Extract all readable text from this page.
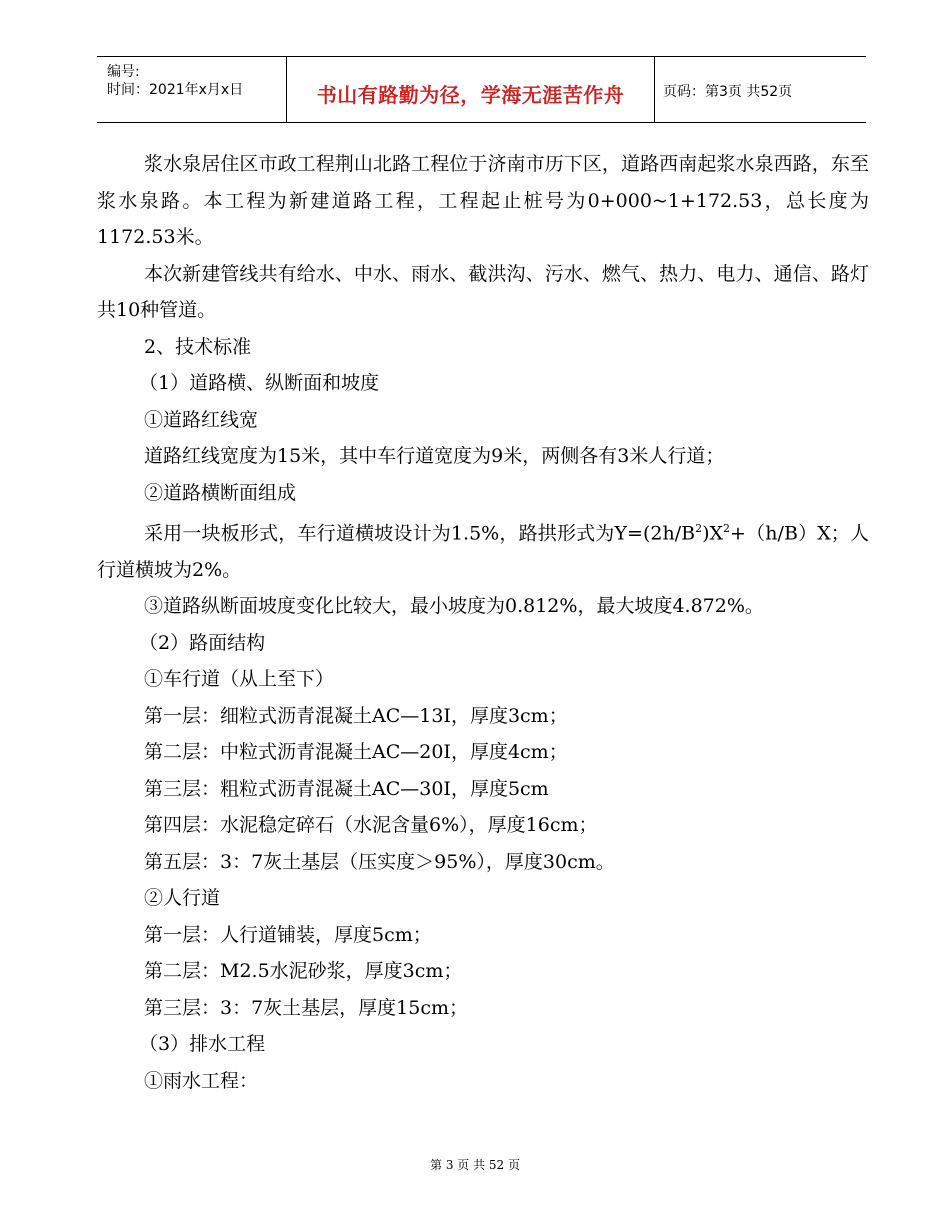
编号:
时间：2021年x月x日	书山有路勤为径，学海无涯苦作舟	页码：第3页 共52页

浆水泉居住区市政工程荆山北路工程位于济南市历下区，道路西南起浆水泉西路，东至浆水泉路。本工程为新建道路工程，工程起止桩号为0+000~1+172.53，总长度为1172.53米。

本次新建管线共有给水、中水、雨水、截洪沟、污水、燃气、热力、电力、通信、路灯共10种管道。

2、技术标准

（1）道路横、纵断面和坡度

①道路红线宽

道路红线宽度为15米，其中车行道宽度为9米，两侧各有3米人行道；

②道路横断面组成

采用一块板形式，车行道横坡设计为1.5%，路拱形式为$Y=(2h/B^2)X^2+(h/B)X$；人行道横坡为2%。

③道路纵断面坡度变化比较大，最小坡度为0.812%，最大坡度4.872%。

（2）路面结构

①车行道（从上至下）

第一层：细粒式沥青混凝土AC—13Ⅰ，厚度3cm；

第二层：中粒式沥青混凝土AC—20Ⅰ，厚度4cm；

第三层：粗粒式沥青混凝土AC—30Ⅰ，厚度5cm

第四层：水泥稳定碎石（水泥含量6%），厚度16cm；

第五层：3：7灰土基层（压实度＞95%），厚度30cm。

②人行道

第一层：人行道铺装，厚度5cm；

第二层：M2.5水泥砂浆，厚度3cm；

第三层：3：7灰土基层，厚度15cm；

（3）排水工程

①雨水工程：

第 3 页 共 52 页
